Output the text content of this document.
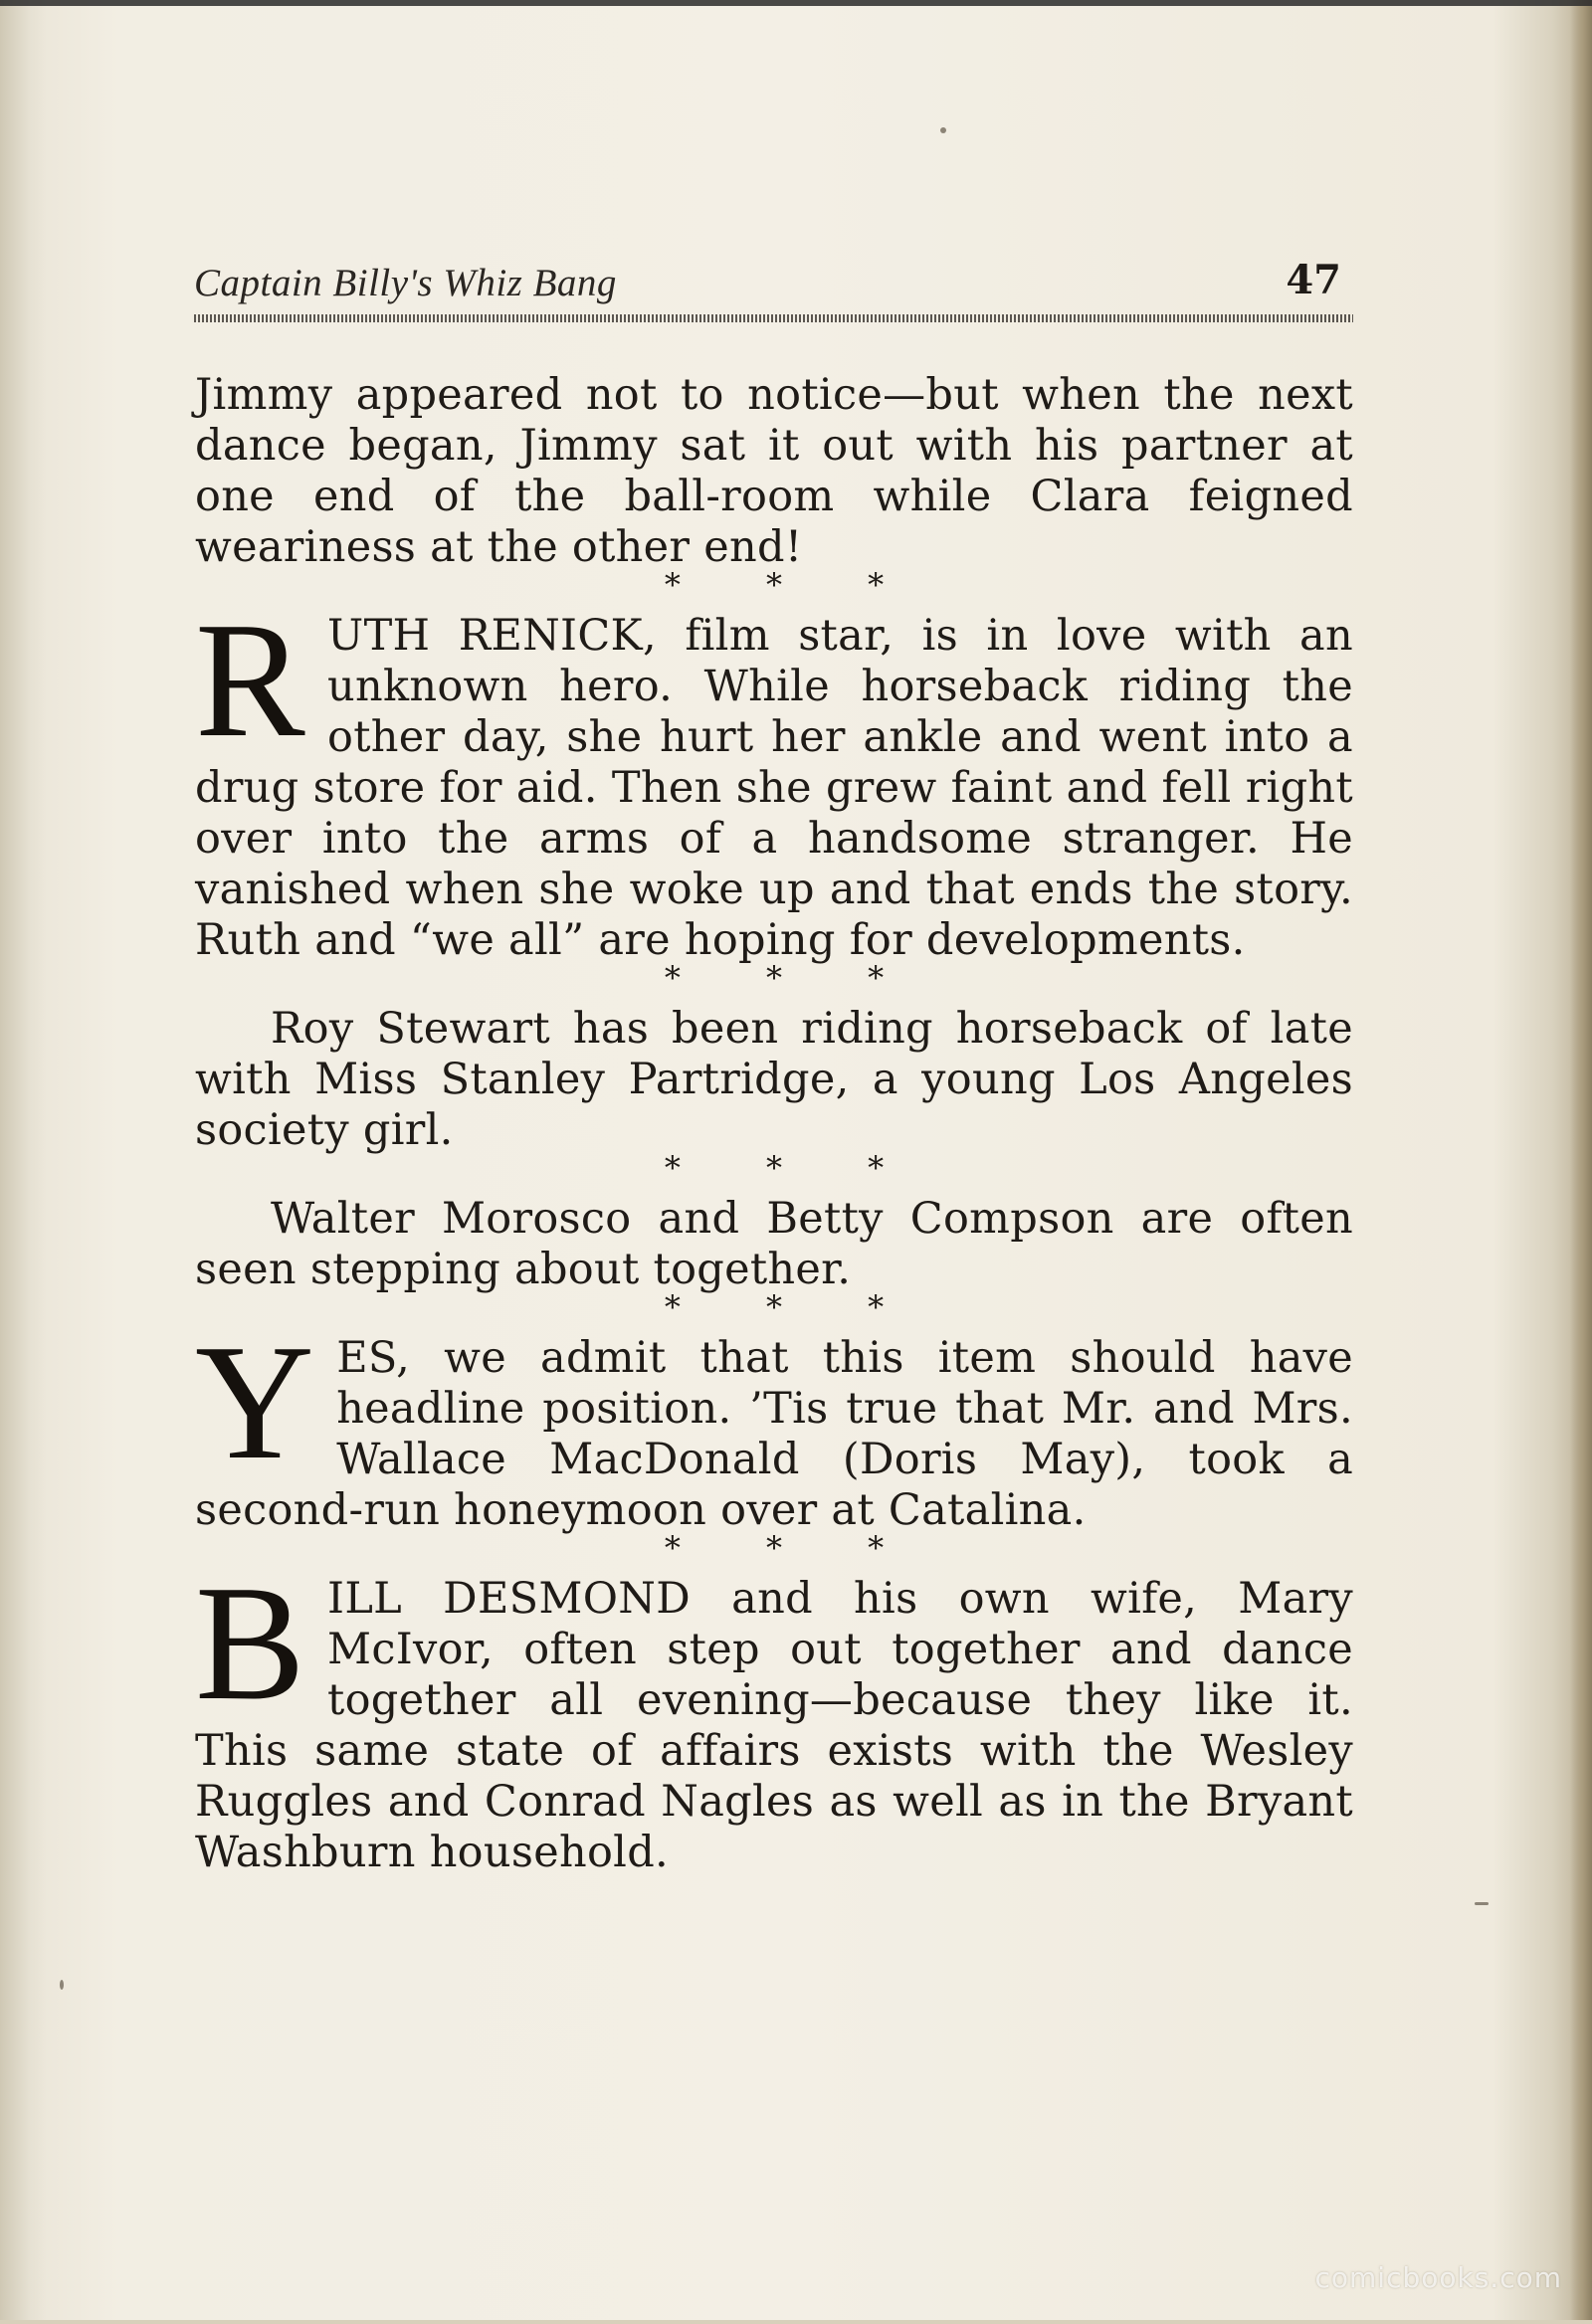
Captain Billy's Whiz Bang	47

Jimmy appeared not to notice—but when the next dance began, Jimmy sat it out with his partner at one end of the ball-room while Clara feigned weariness at the other end!

* * *

RUTH RENICK, film star, is in love with an unknown hero. While horseback riding the other day, she hurt her ankle and went into a drug store for aid. Then she grew faint and fell right over into the arms of a handsome stranger. He vanished when she woke up and that ends the story. Ruth and “we all” are hoping for developments.

* * *

Roy Stewart has been riding horseback of late with Miss Stanley Partridge, a young Los Angeles society girl.

* * *

Walter Morosco and Betty Compson are often seen stepping about together.

* * *

YES, we admit that this item should have headline position. ’Tis true that Mr. and Mrs. Wallace MacDonald (Doris May), took a second-run honeymoon over at Catalina.

* * *

BILL DESMOND and his own wife, Mary McIvor, often step out together and dance together all evening—because they like it. This same state of affairs exists with the Wesley Ruggles and Conrad Nagles as well as in the Bryant Washburn household.

comicbooks.com
